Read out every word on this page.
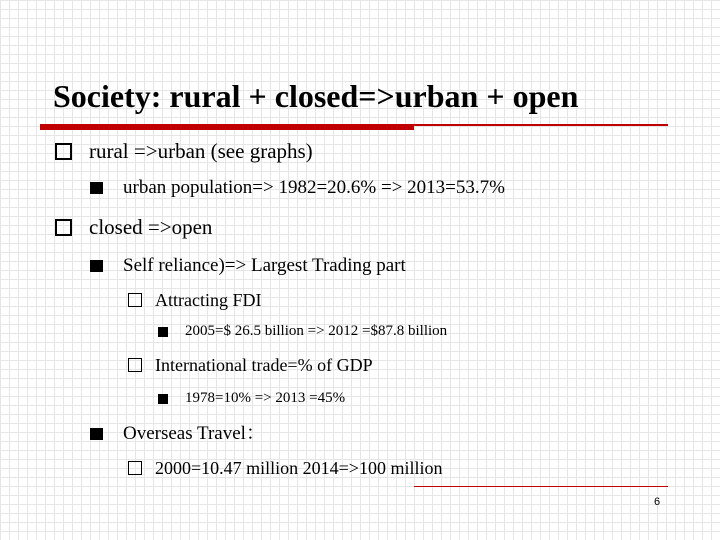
Society: rural + closed=>urban + open
rural =>urban (see graphs)
urban population=> 1982=20.6% => 2013=53.7%
closed =>open
Self reliance)=> Largest Trading part
Attracting FDI
2005=$ 26.5 billion => 2012 =$87.8 billion
International trade=% of GDP
1978=10% => 2013 =45%
Overseas Travel：
2000=10.47 million 2014=>100 million
6
